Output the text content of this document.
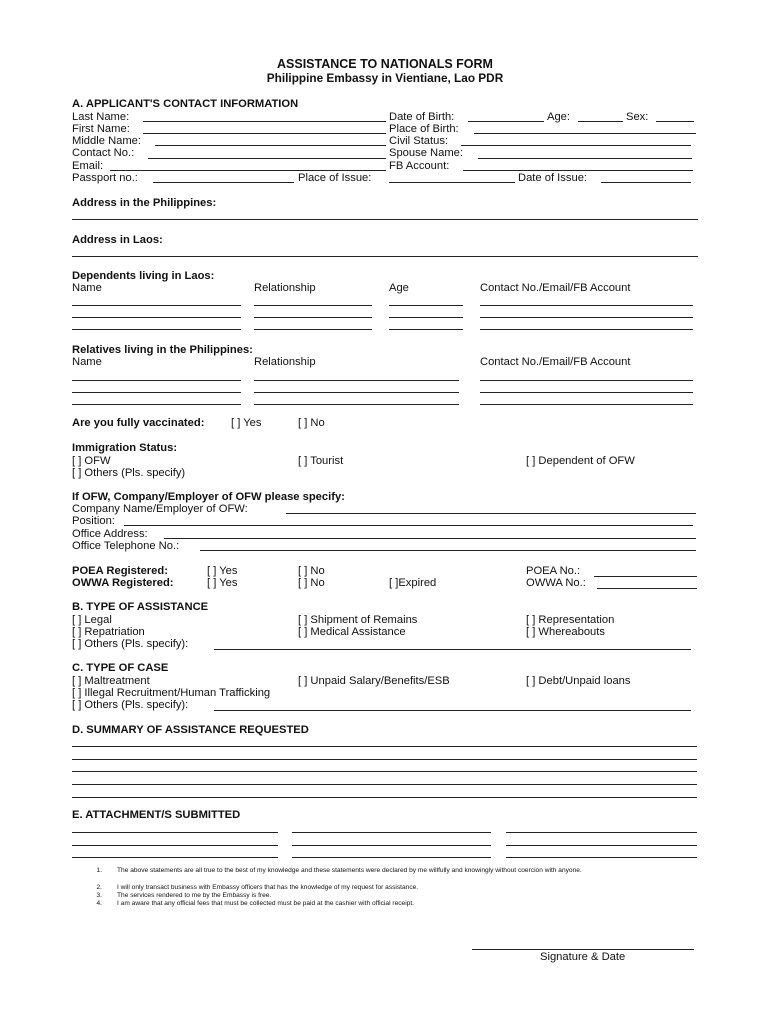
ASSISTANCE TO NATIONALS FORM
Philippine Embassy in Vientiane, Lao PDR
A. APPLICANT'S CONTACT INFORMATION
Last Name:	Date of Birth:	Age:	Sex:
First Name:	Place of Birth:
Middle Name:	Civil Status:
Contact No.:	Spouse Name:
Email:	FB Account:
Passport no.:	Place of Issue:	Date of Issue:
Address in the Philippines:
Address in Laos:
Dependents living in Laos:
Name	Relationship	Age	Contact No./Email/FB Account
Relatives living in the Philippines:
Name	Relationship	Contact No./Email/FB Account
Are you fully vaccinated: [ ] Yes	[ ] No
Immigration Status:
[ ] OFW	[ ] Tourist	[ ] Dependent of OFW
[ ] Others (Pls. specify)
If OFW, Company/Employer of OFW please specify:
Company Name/Employer of OFW:
Position:
Office Address:
Office Telephone No.:
POEA Registered:	[ ] Yes	[ ] No	POEA No.:
OWWA Registered:	[ ] Yes	[ ] No	[ ]Expired	OWWA No.:
B. TYPE OF ASSISTANCE
[ ] Legal	[ ] Shipment of Remains	[ ] Representation
[ ] Repatriation	[ ] Medical Assistance	[ ] Whereabouts
[ ] Others (Pls. specify):
C. TYPE OF CASE
[ ] Maltreatment	[ ] Unpaid Salary/Benefits/ESB	[ ] Debt/Unpaid loans
[ ] Illegal Recruitment/Human Trafficking
[ ] Others (Pls. specify):
D. SUMMARY OF ASSISTANCE REQUESTED
E. ATTACHMENT/S SUBMITTED
1. The above statements are all true to the best of my knowledge and these statements were declared by me willfully and knowingly without coercion with anyone.
2. I will only transact business with Embassy officers that has the knowledge of my request for assistance.
3. The services rendered to me by the Embassy is free.
4. I am aware that any official fees that must be collected must be paid at the cashier with official receipt.
Signature & Date
